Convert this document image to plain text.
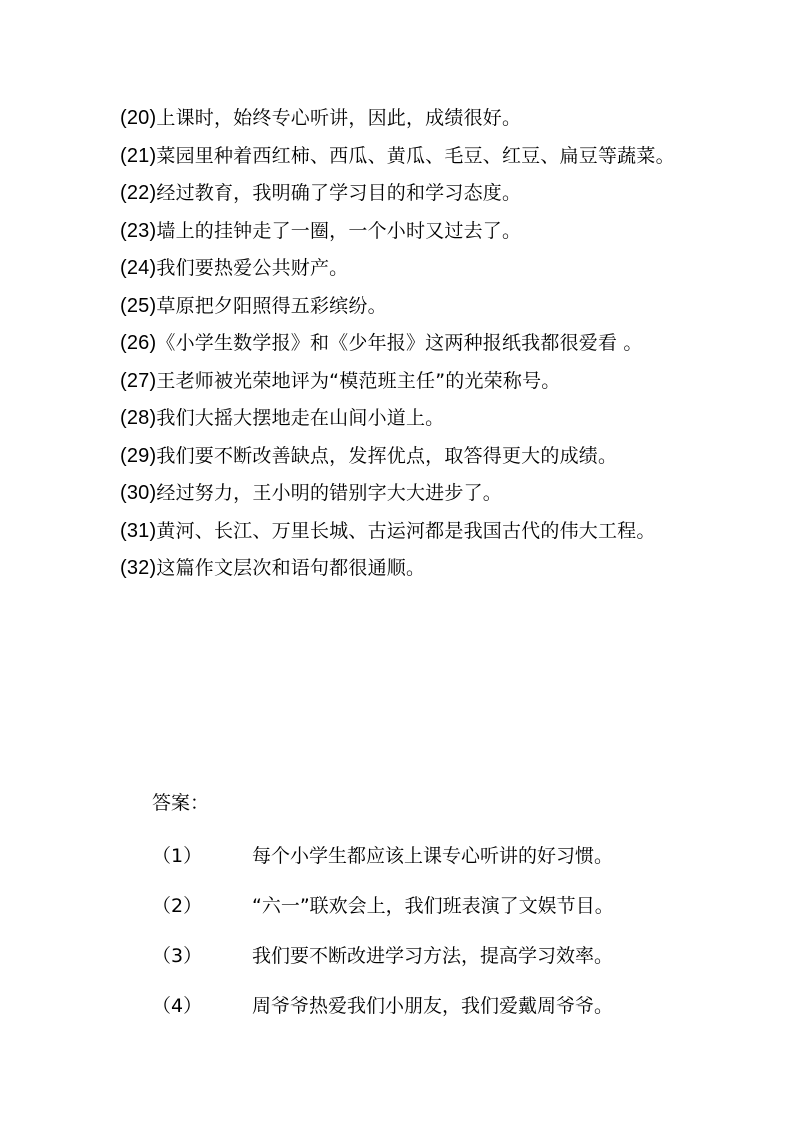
(20)上课时，始终专心听讲，因此，成绩很好。
(21)菜园里种着西红柿、西瓜、黄瓜、毛豆、红豆、扁豆等蔬菜。
(22)经过教育，我明确了学习目的和学习态度。
(23)墙上的挂钟走了一圈，一个小时又过去了。
(24)我们要热爱公共财产。
(25)草原把夕阳照得五彩缤纷。
(26)《小学生数学报》和《少年报》这两种报纸我都很爱看 。
(27)王老师被光荣地评为“模范班主任”的光荣称号。
(28)我们大摇大摆地走在山间小道上。
(29)我们要不断改善缺点，发挥优点，取答得更大的成绩。
(30)经过努力，王小明的错别字大大进步了。
(31)黄河、长江、万里长城、古运河都是我国古代的伟大工程。
(32)这篇作文层次和语句都很通顺。

答案：

（1）	每个小学生都应该上课专心听讲的好习惯。
（2）	“六一”联欢会上，我们班表演了文娱节目。
（3）	我们要不断改进学习方法，提高学习效率。
（4）	周爷爷热爱我们小朋友，我们爱戴周爷爷。
